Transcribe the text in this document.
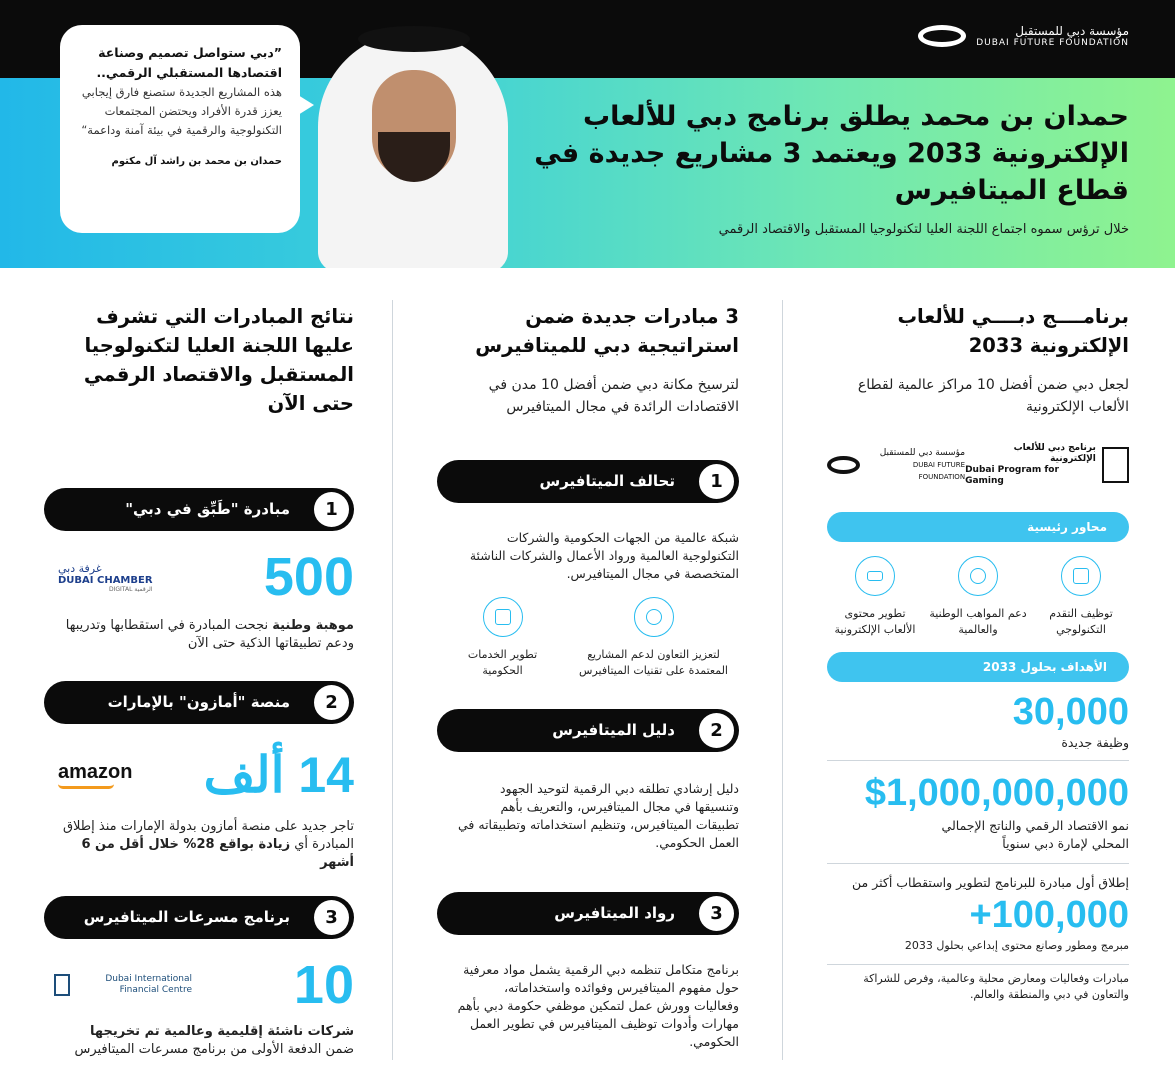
مؤسسة دبي للمستقبل
DUBAI FUTURE FOUNDATION
حمدان بن محمد يطلق برنامج دبي للألعاب الإلكترونية 2033 ويعتمد 3 مشاريع جديدة في قطاع الميتافيرس
خلال ترؤس سموه اجتماع اللجنة العليا لتكنولوجيا المستقبل والاقتصاد الرقمي
”دبي ستواصل تصميم وصناعة اقتصادها المستقبلي الرقمي..
هذه المشاريع الجديدة ستصنع فارق إيجابي يعزز قدرة الأفراد ويحتضن المجتمعات التكنولوجية والرقمية في بيئة آمنة وداعمة“
حمدان بن محمد بن راشد آل مكتوم
برنامــــج دبــــي للألعاب الإلكترونية 2033
لجعل دبي ضمن أفضل 10 مراكز عالمية لقطاع الألعاب الإلكترونية
برنامج دبي للألعاب الإلكترونية
Dubai Program for Gaming
مؤسسة دبي للمستقبل
DUBAI FUTURE FOUNDATION
محاور رئيسية
توظيف التقدم التكنولوجي
دعم المواهب الوطنية والعالمية
تطوير محتوى الألعاب الإلكترونية
الأهداف بحلول 2033
30,000
وظيفة جديدة
$1,000,000,000
نمو الاقتصاد الرقمي والناتج الإجمالي المحلي لإمارة دبي سنوياً
إطلاق أول مبادرة للبرنامج لتطوير واستقطاب أكثر من
+100,000
مبرمج ومطور وصانع محتوى إبداعي بحلول 2033
مبادرات وفعاليات ومعارض محلية وعالمية، وفرص للشراكة والتعاون في دبي والمنطقة والعالم.
3 مبادرات جديدة ضمن استراتيجية دبي للميتافيرس
لترسيخ مكانة دبي ضمن أفضل 10 مدن في الاقتصادات الرائدة في مجال الميتافيرس
1
تحالف الميتافيرس
شبكة عالمية من الجهات الحكومية والشركات التكنولوجية العالمية ورواد الأعمال والشركات الناشئة المتخصصة في مجال الميتافيرس.
لتعزيز التعاون لدعم المشاريع المعتمدة على تقنيات الميتافيرس
تطوير الخدمات الحكومية
2
دليل الميتافيرس
دليل إرشادي تطلقه دبي الرقمية لتوحيد الجهود وتنسيقها في مجال الميتافيرس، والتعريف بأهم تطبيقات الميتافيرس، وتنظيم استخداماته وتطبيقاته في العمل الحكومي.
3
رواد الميتافيرس
برنامج متكامل تنظمه دبي الرقمية يشمل مواد معرفية حول مفهوم الميتافيرس وفوائده واستخداماته، وفعاليات وورش عمل لتمكين موظفي حكومة دبي بأهم مهارات وأدوات توظيف الميتافيرس في تطوير العمل الحكومي.
نتائج المبادرات التي تشرف عليها اللجنة العليا لتكنولوجيا المستقبل والاقتصاد الرقمي حتى الآن
1
مبادرة "طَبِّق في دبي"
500
غرفة دبي
DUBAI CHAMBER
DIGITAL الرقمية
موهبة وطنية نجحت المبادرة في استقطابها وتدريبها ودعم تطبيقاتها الذكية حتى الآن
2
منصة "أمازون" بالإمارات
14 ألف
amazon
تاجر جديد على منصة أمازون بدولة الإمارات منذ إطلاق المبادرة أي زيادة بواقع 28% خلال أقل من 6 أشهر
3
برنامج مسرعات الميتافيرس
10
Dubai International Financial Centre
شركات ناشئة إقليمية وعالمية تم تخريجها
ضمن الدفعة الأولى من برنامج مسرعات الميتافيرس
